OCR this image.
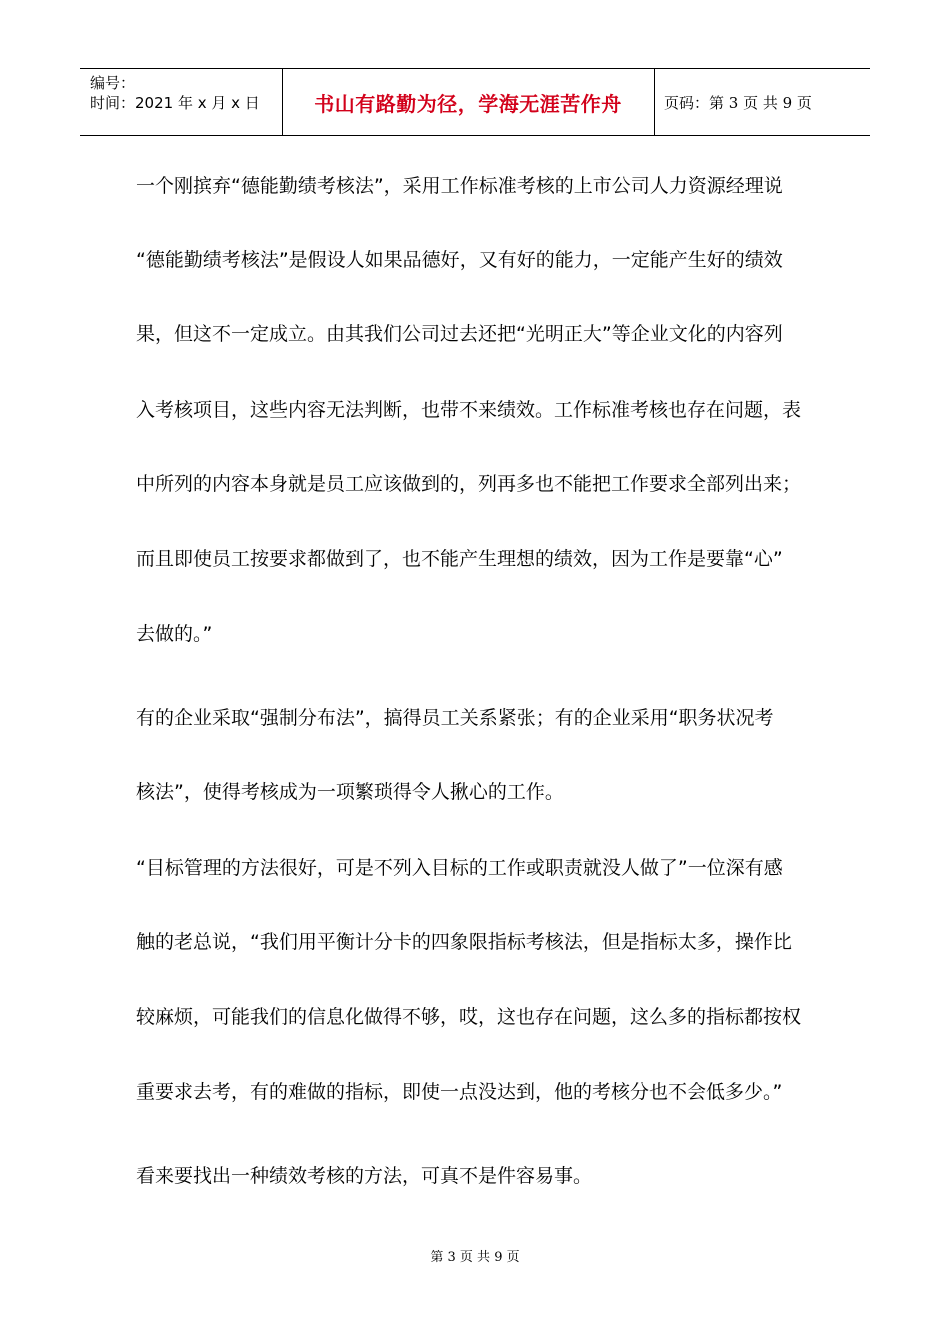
编号：
时间：2021 年 x 月 x 日	书山有路勤为径，学海无涯苦作舟	页码：第 3 页 共 9 页
一个刚摈弃“德能勤绩考核法”，采用工作标准考核的上市公司人力资源经理说
“德能勤绩考核法”是假设人如果品德好，又有好的能力，一定能产生好的绩效
果，但这不一定成立。由其我们公司过去还把“光明正大”等企业文化的内容列
入考核项目，这些内容无法判断，也带不来绩效。工作标准考核也存在问题，表
中所列的内容本身就是员工应该做到的，列再多也不能把工作要求全部列出来；
而且即使员工按要求都做到了，也不能产生理想的绩效，因为工作是要靠“心”
去做的。”
有的企业采取“强制分布法”，搞得员工关系紧张；有的企业采用“职务状况考
核法”，使得考核成为一项繁琐得令人揪心的工作。
“目标管理的方法很好，可是不列入目标的工作或职责就没人做了”一位深有感
触的老总说，“我们用平衡计分卡的四象限指标考核法，但是指标太多，操作比
较麻烦，可能我们的信息化做得不够，哎，这也存在问题，这么多的指标都按权
重要求去考，有的难做的指标，即使一点没达到，他的考核分也不会低多少。”
看来要找出一种绩效考核的方法，可真不是件容易事。
第 3 页 共 9 页
